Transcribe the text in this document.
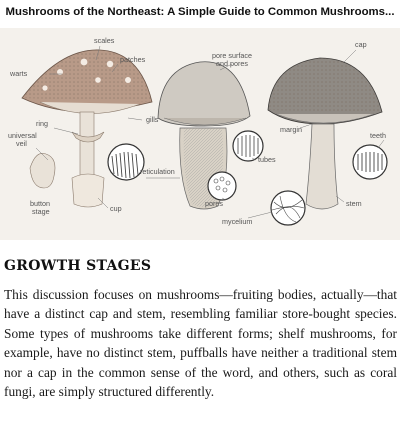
Mushrooms of the Northeast: A Simple Guide to Common Mushrooms...
scales
warts
patches
gills
ring
universal veil
cup
button stage
pore surface and pores
reticulation
pores
tubes
mycelium
cap
margin
teeth
stem
GROWTH STAGES

This discussion focuses on mushrooms—fruiting bodies, actually—that have a distinct cap and stem, resembling familiar store-bought species. Some types of mushrooms take different forms; shelf mushrooms, for example, have no distinct stem, puffballs have neither a traditional stem nor a cap in the common sense of the word, and others, such as coral fungi, are simply structured differently.
